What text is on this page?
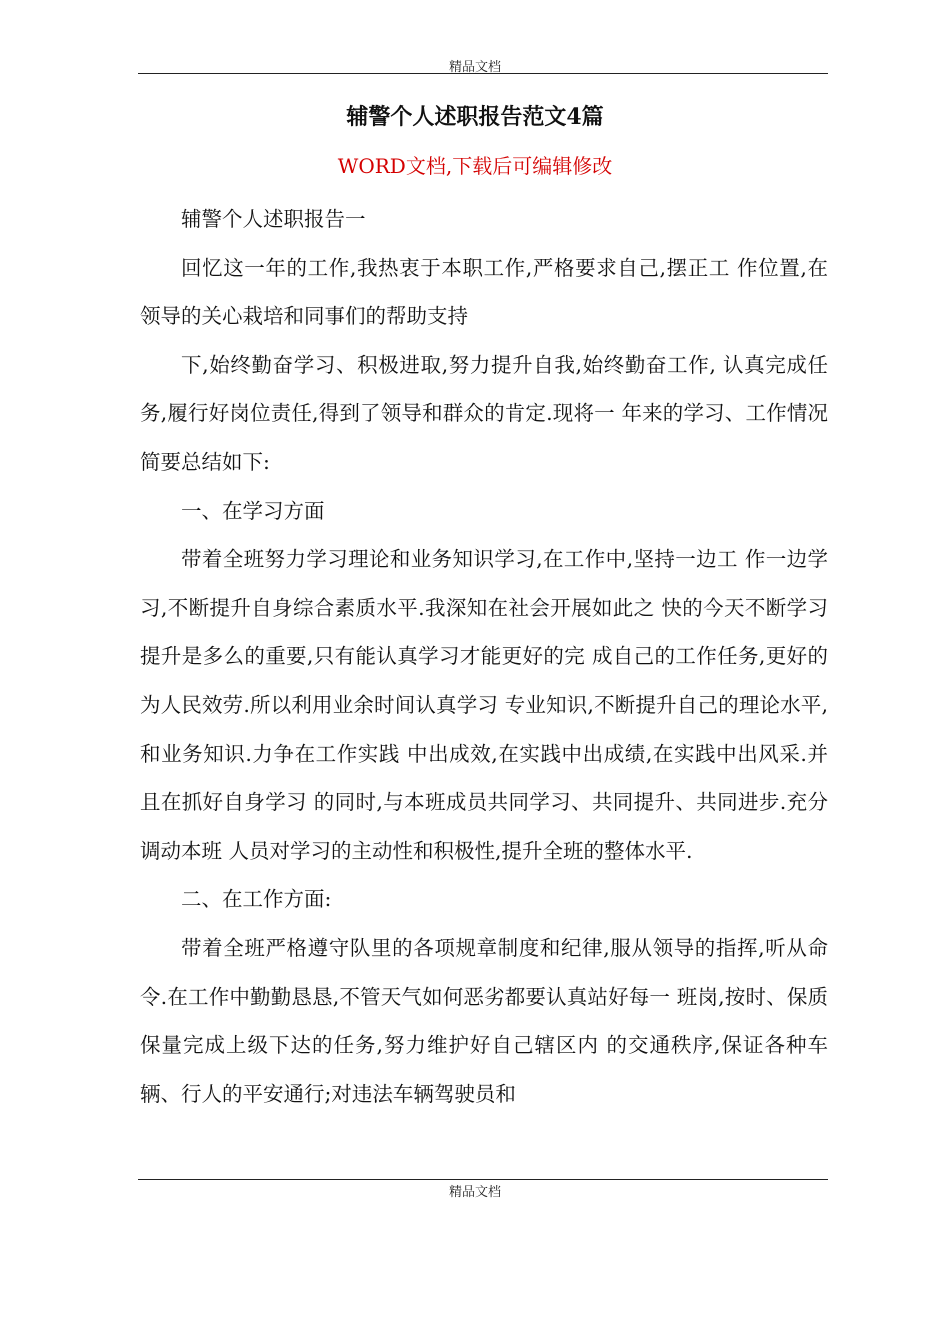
精品文档
辅警个人述职报告范文4篇
WORD文档,下载后可编辑修改

辅警个人述职报告一

回忆这一年的工作,我热衷于本职工作,严格要求自己,摆正工 作位置,在领导的关心栽培和同事们的帮助支持

下,始终勤奋学习、积极进取,努力提升自我,始终勤奋工作, 认真完成任务,履行好岗位责任,得到了领导和群众的肯定.现将一 年来的学习、工作情况简要总结如下:

一、在学习方面

带着全班努力学习理论和业务知识学习,在工作中,坚持一边工 作一边学习,不断提升自身综合素质水平.我深知在社会开展如此之 快的今天不断学习提升是多么的重要,只有能认真学习才能更好的完 成自己的工作任务,更好的为人民效劳.所以利用业余时间认真学习 专业知识,不断提升自己的理论水平,和业务知识.力争在工作实践 中出成效,在实践中出成绩,在实践中出风采.并且在抓好自身学习 的同时,与本班成员共同学习、共同提升、共同进步.充分调动本班 人员对学习的主动性和积极性,提升全班的整体水平.

二、在工作方面:

带着全班严格遵守队里的各项规章制度和纪律,服从领导的指挥,听从命令.在工作中勤勤恳恳,不管天气如何恶劣都要认真站好每一 班岗,按时、保质保量完成上级下达的任务,努力维护好自己辖区内 的交通秩序,保证各种车辆、行人的平安通行;对违法车辆驾驶员和

精品文档
